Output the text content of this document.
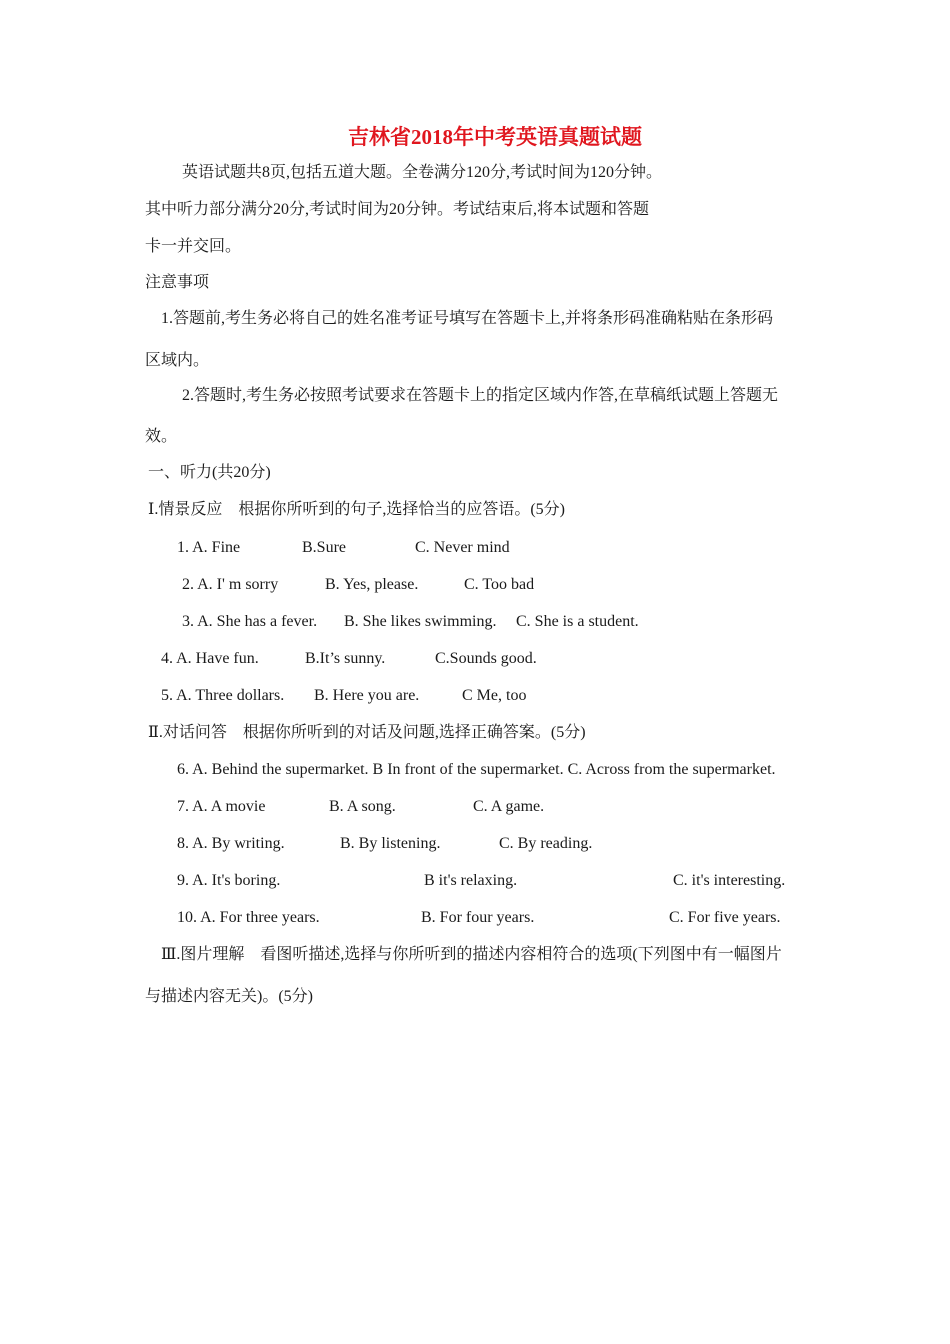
吉林省2018年中考英语真题试题
英语试题共8页,包括五道大题。全卷满分120分,考试时间为120分钟。
其中听力部分满分20分,考试时间为20分钟。考试结束后,将本试题和答题
卡一并交回。
注意事项
1.答题前,考生务必将自己的姓名准考证号填写在答题卡上,并将条形码准确粘贴在条形码
区域内。
2.答题时,考生务必按照考试要求在答题卡上的指定区域内作答,在草稿纸试题上答题无
效。
一、听力(共20分)
Ⅰ.情景反应　根据你所听到的句子,选择恰当的应答语。(5分)
1. A. Fine	B.Sure	C. Never mind
2. A. I' m sorry	B. Yes, please.	C. Too bad
3. A. She has a fever. B. She likes swimming. C. She is a student.
4. A. Have fun.	B.It’s sunny.	C.Sounds good.
5. A. Three dollars. B. Here you are.	C Me, too
Ⅱ.对话问答　根据你所听到的对话及问题,选择正确答案。(5分)
6. A. Behind the supermarket. B In front of the supermarket. C. Across from the supermarket.
7. A. A movie	B. A song.	C. A game.
8. A. By writing.	B. By listening.	C. By reading.
9. A. It's boring.	B it's relaxing.	C. it's interesting.
10. A. For three years.	B. For four years.	C. For five years.
Ⅲ.图片理解　看图听描述,选择与你所听到的描述内容相符合的选项(下列图中有一幅图片
与描述内容无关)。(5分)
